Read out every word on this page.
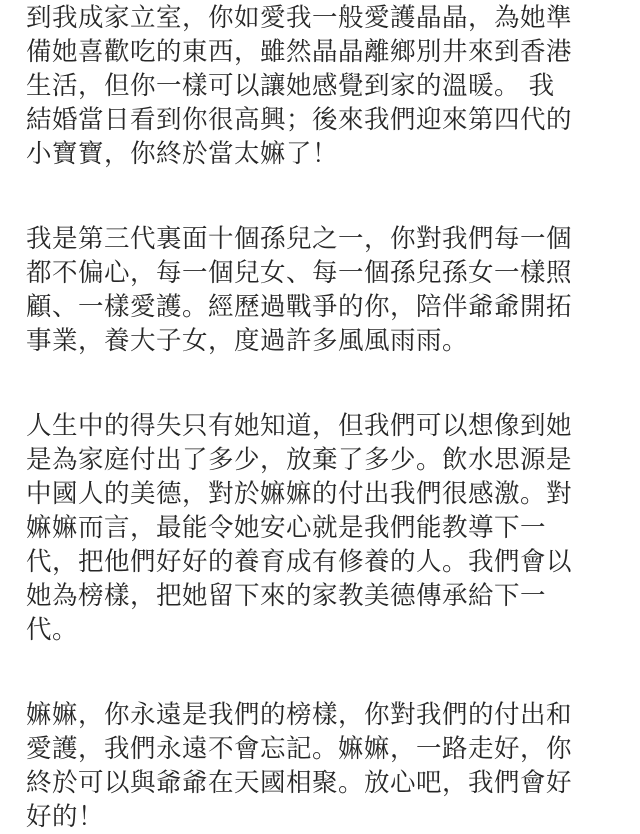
到我成家立室，你如愛我一般愛護晶晶，為她準
備她喜歡吃的東西，雖然晶晶離鄉別井來到香港
生活，但你一樣可以讓她感覺到家的溫暖。 我
結婚當日看到你很高興；後來我們迎來第四代的
小寶寶，你終於當太嫲了！
我是第三代裏面十個孫兒之一，你對我們每一個
都不偏心，每一個兒女、每一個孫兒孫女一樣照
顧、一樣愛護。經歷過戰爭的你，陪伴爺爺開拓
事業，養大子女，度過許多風風雨雨。
人生中的得失只有她知道，但我們可以想像到她
是為家庭付出了多少，放棄了多少。飲水思源是
中國人的美德，對於嫲嫲的付出我們很感激。對
嫲嫲而言，最能令她安心就是我們能教導下一
代，把他們好好的養育成有修養的人。我們會以
她為榜樣，把她留下來的家教美德傳承給下一
代。
嫲嫲，你永遠是我們的榜樣，你對我們的付出和
愛護，我們永遠不會忘記。嫲嫲，一路走好，你
終於可以與爺爺在天國相聚。放心吧，我們會好
好的！
